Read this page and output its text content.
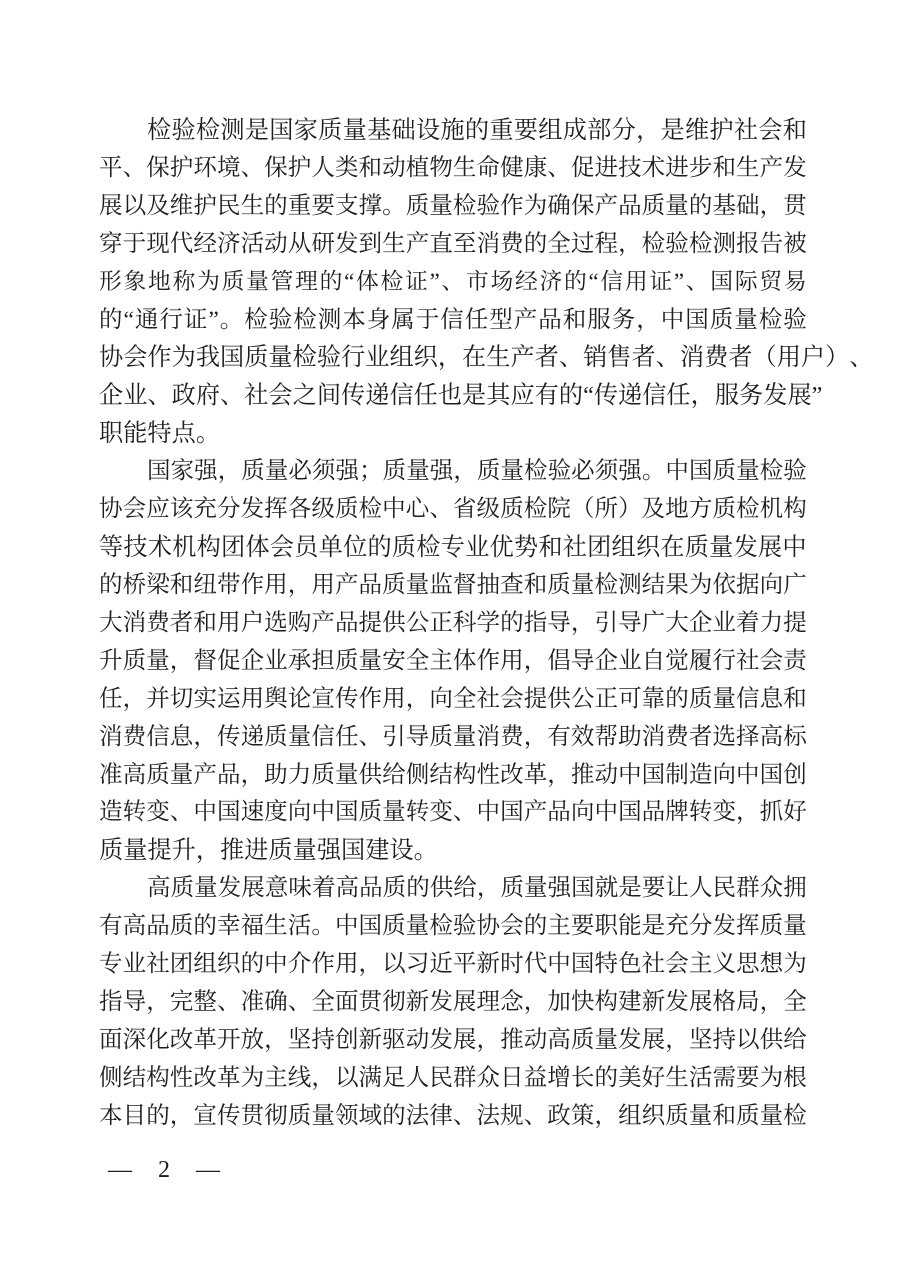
检 验 检 测 是 国 家 质 量 基 础 设 施 的 重 要 组 成 部 分 ， 是 维 护 社 会 和
平 、 保 护 环 境 、 保 护 人 类 和 动 植 物 生 命 健 康 、 促 进 技 术 进 步 和 生 产 发
展 以 及 维 护 民 生 的 重 要 支 撑 。 质 量 检 验 作 为 确 保 产 品 质 量 的 基 础 ， 贯
穿 于 现 代 经 济 活 动 从 研 发 到 生 产 直 至 消 费 的 全 过 程 ， 检 验 检 测 报 告 被
形 象 地 称 为 质 量 管 理 的 “ 体 检 证 ” 、 市 场 经 济 的 “ 信 用 证 ” 、 国 际 贸 易
的 “ 通 行 证 ” 。 检 验 检 测 本 身 属 于 信 任 型 产 品 和 服 务 ， 中 国 质 量 检 验
协 会 作 为 我 国 质 量 检 验 行 业 组 织 ， 在 生 产 者 、 销 售 者 、 消 费 者 （ 用 户 ） 、
企 业 、 政 府 、 社 会 之 间 传 递 信 任 也 是 其 应 有 的 “ 传 递 信 任 ， 服 务 发 展 ”
职 能 特 点 。
国 家 强 ， 质 量 必 须 强 ； 质 量 强 ， 质 量 检 验 必 须 强 。 中 国 质 量 检 验
协 会 应 该 充 分 发 挥 各 级 质 检 中 心 、 省 级 质 检 院 （ 所 ） 及 地 方 质 检 机 构
等 技 术 机 构 团 体 会 员 单 位 的 质 检 专 业 优 势 和 社 团 组 织 在 质 量 发 展 中
的 桥 梁 和 纽 带 作 用 ， 用 产 品 质 量 监 督 抽 查 和 质 量 检 测 结 果 为 依 据 向 广
大 消 费 者 和 用 户 选 购 产 品 提 供 公 正 科 学 的 指 导 ， 引 导 广 大 企 业 着 力 提
升 质 量 ， 督 促 企 业 承 担 质 量 安 全 主 体 作 用 ， 倡 导 企 业 自 觉 履 行 社 会 责
任 ， 并 切 实 运 用 舆 论 宣 传 作 用 ， 向 全 社 会 提 供 公 正 可 靠 的 质 量 信 息 和
消 费 信 息 ， 传 递 质 量 信 任 、 引 导 质 量 消 费 ， 有 效 帮 助 消 费 者 选 择 高 标
准 高 质 量 产 品 ， 助 力 质 量 供 给 侧 结 构 性 改 革 ， 推 动 中 国 制 造 向 中 国 创
造 转 变 、 中 国 速 度 向 中 国 质 量 转 变 、 中 国 产 品 向 中 国 品 牌 转 变 ， 抓 好
质 量 提 升 ， 推 进 质 量 强 国 建 设 。
高 质 量 发 展 意 味 着 高 品 质 的 供 给 ， 质 量 强 国 就 是 要 让 人 民 群 众 拥
有 高 品 质 的 幸 福 生 活 。 中 国 质 量 检 验 协 会 的 主 要 职 能 是 充 分 发 挥 质 量
专 业 社 团 组 织 的 中 介 作 用 ， 以 习 近 平 新 时 代 中 国 特 色 社 会 主 义 思 想 为
指 导 ， 完 整 、 准 确 、 全 面 贯 彻 新 发 展 理 念 ， 加 快 构 建 新 发 展 格 局 ， 全
面 深 化 改 革 开 放 ， 坚 持 创 新 驱 动 发 展 ， 推 动 高 质 量 发 展 ， 坚 持 以 供 给
侧 结 构 性 改 革 为 主 线 ， 以 满 足 人 民 群 众 日 益 增 长 的 美 好 生 活 需 要 为 根
本 目 的 ， 宣 传 贯 彻 质 量 领 域 的 法 律 、 法 规 、 政 策 ， 组 织 质 量 和 质 量 检
— 2 —
